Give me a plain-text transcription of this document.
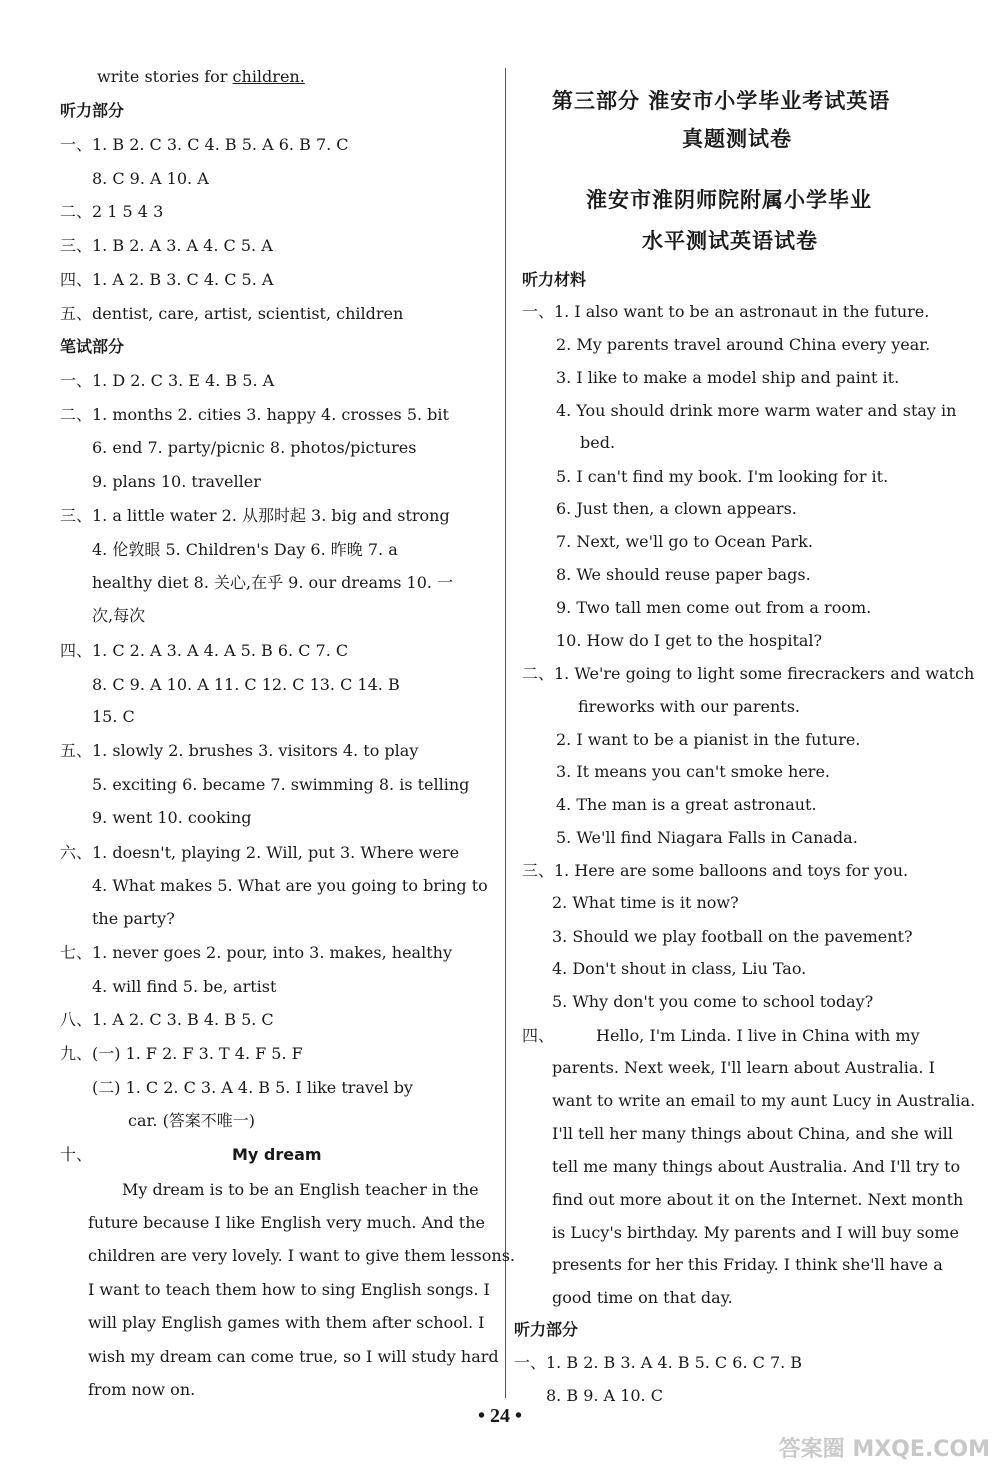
write stories for children.
听力部分
一、1. B 2. C 3. C 4. B 5. A 6. B 7. C
8. C 9. A 10. A
二、2 1 5 4 3
三、1. B 2. A 3. A 4. C 5. A
四、1. A 2. B 3. C 4. C 5. A
五、dentist, care, artist, scientist, children
笔试部分
一、1. D 2. C 3. E 4. B 5. A
二、1. months 2. cities 3. happy 4. crosses 5. bit
6. end 7. party/picnic 8. photos/pictures
9. plans 10. traveller
三、1. a little water 2. 从那时起 3. big and strong
4. 伦敦眼 5. Children's Day 6. 昨晚 7. a
healthy diet 8. 关心,在乎 9. our dreams 10. 一
次,每次
四、1. C 2. A 3. A 4. A 5. B 6. C 7. C
8. C 9. A 10. A 11. C 12. C 13. C 14. B
15. C
五、1. slowly 2. brushes 3. visitors 4. to play
5. exciting 6. became 7. swimming 8. is telling
9. went 10. cooking
六、1. doesn't, playing 2. Will, put 3. Where were
4. What makes 5. What are you going to bring to
the party?
七、1. never goes 2. pour, into 3. makes, healthy
4. will find 5. be, artist
八、1. A 2. C 3. B 4. B 5. C
九、(一) 1. F 2. F 3. T 4. F 5. F
(二) 1. C 2. C 3. A 4. B 5. I like travel by
car. (答案不唯一)
十、	My dream
My dream is to be an English teacher in the
future because I like English very much. And the
children are very lovely. I want to give them lessons.
I want to teach them how to sing English songs. I
will play English games with them after school. I
wish my dream can come true, so I will study hard
from now on.
第三部分 淮安市小学毕业考试英语
真题测试卷
淮安市淮阴师院附属小学毕业
水平测试英语试卷
听力材料
一、1. I also want to be an astronaut in the future.
2. My parents travel around China every year.
3. I like to make a model ship and paint it.
4. You should drink more warm water and stay in
bed.
5. I can't find my book. I'm looking for it.
6. Just then, a clown appears.
7. Next, we'll go to Ocean Park.
8. We should reuse paper bags.
9. Two tall men come out from a room.
10. How do I get to the hospital?
二、1. We're going to light some firecrackers and watch
fireworks with our parents.
2. I want to be a pianist in the future.
3. It means you can't smoke here.
4. The man is a great astronaut.
5. We'll find Niagara Falls in Canada.
三、1. Here are some balloons and toys for you.
2. What time is it now?
3. Should we play football on the pavement?
4. Don't shout in class, Liu Tao.
5. Why don't you come to school today?
四、	Hello, I'm Linda. I live in China with my
parents. Next week, I'll learn about Australia. I
want to write an email to my aunt Lucy in Australia.
I'll tell her many things about China, and she will
tell me many things about Australia. And I'll try to
find out more about it on the Internet. Next month
is Lucy's birthday. My parents and I will buy some
presents for her this Friday. I think she'll have a
good time on that day.
听力部分
一、1. B 2. B 3. A 4. B 5. C 6. C 7. B
8. B 9. A 10. C
• 24 •
答案圈 MXQE.COM
